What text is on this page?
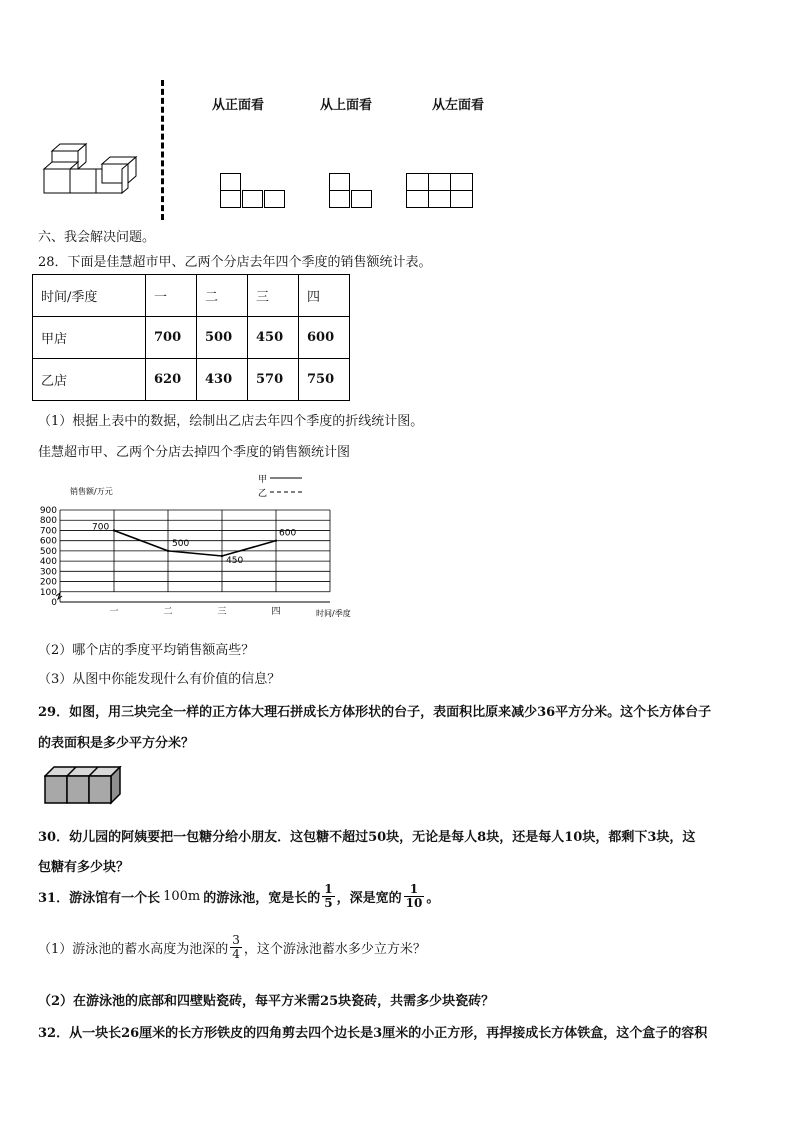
从正面看	从上面看	从左面看
六、我会解决问题。
28．下面是佳慧超市甲、乙两个分店去年四个季度的销售额统计表。
时间/季度	一	二	三	四
甲店	700	500	450	600
乙店	620	430	570	750
（1）根据上表中的数据，绘制出乙店去年四个季度的折线统计图。
佳慧超市甲、乙两个分店去掉四个季度的销售额统计图
0
100
200
300
400
500
600
700
800
900
一	二	三	四
销售额/万元
时间/季度
甲
乙
700
500
450
600
（2）哪个店的季度平均销售额高些？
（3）从图中你能发现什么有价值的信息？
29．如图，用三块完全一样的正方体大理石拼成长方体形状的台子，表面积比原来减少36平方分米。这个长方体台子
的表面积是多少平方分米？
30．幼儿园的阿姨要把一包糖分给小朋友．这包糖不超过50块，无论是每人8块，还是每人10块，都剩下3块，这
包糖有多少块？
31．游泳馆有一个长 100m 的游泳池，宽是长的 $\frac{1}{5}$ ，深是宽的 $\frac{1}{10}$ 。
（1）游泳池的蓄水高度为池深的 $\frac{3}{4}$ ，这个游泳池蓄水多少立方米？
（2）在游泳池的底部和四壁贴瓷砖，每平方米需25块瓷砖，共需多少块瓷砖？
32．从一块长26厘米的长方形铁皮的四角剪去四个边长是3厘米的小正方形，再捍接成长方体铁盒，这个盒子的容积
